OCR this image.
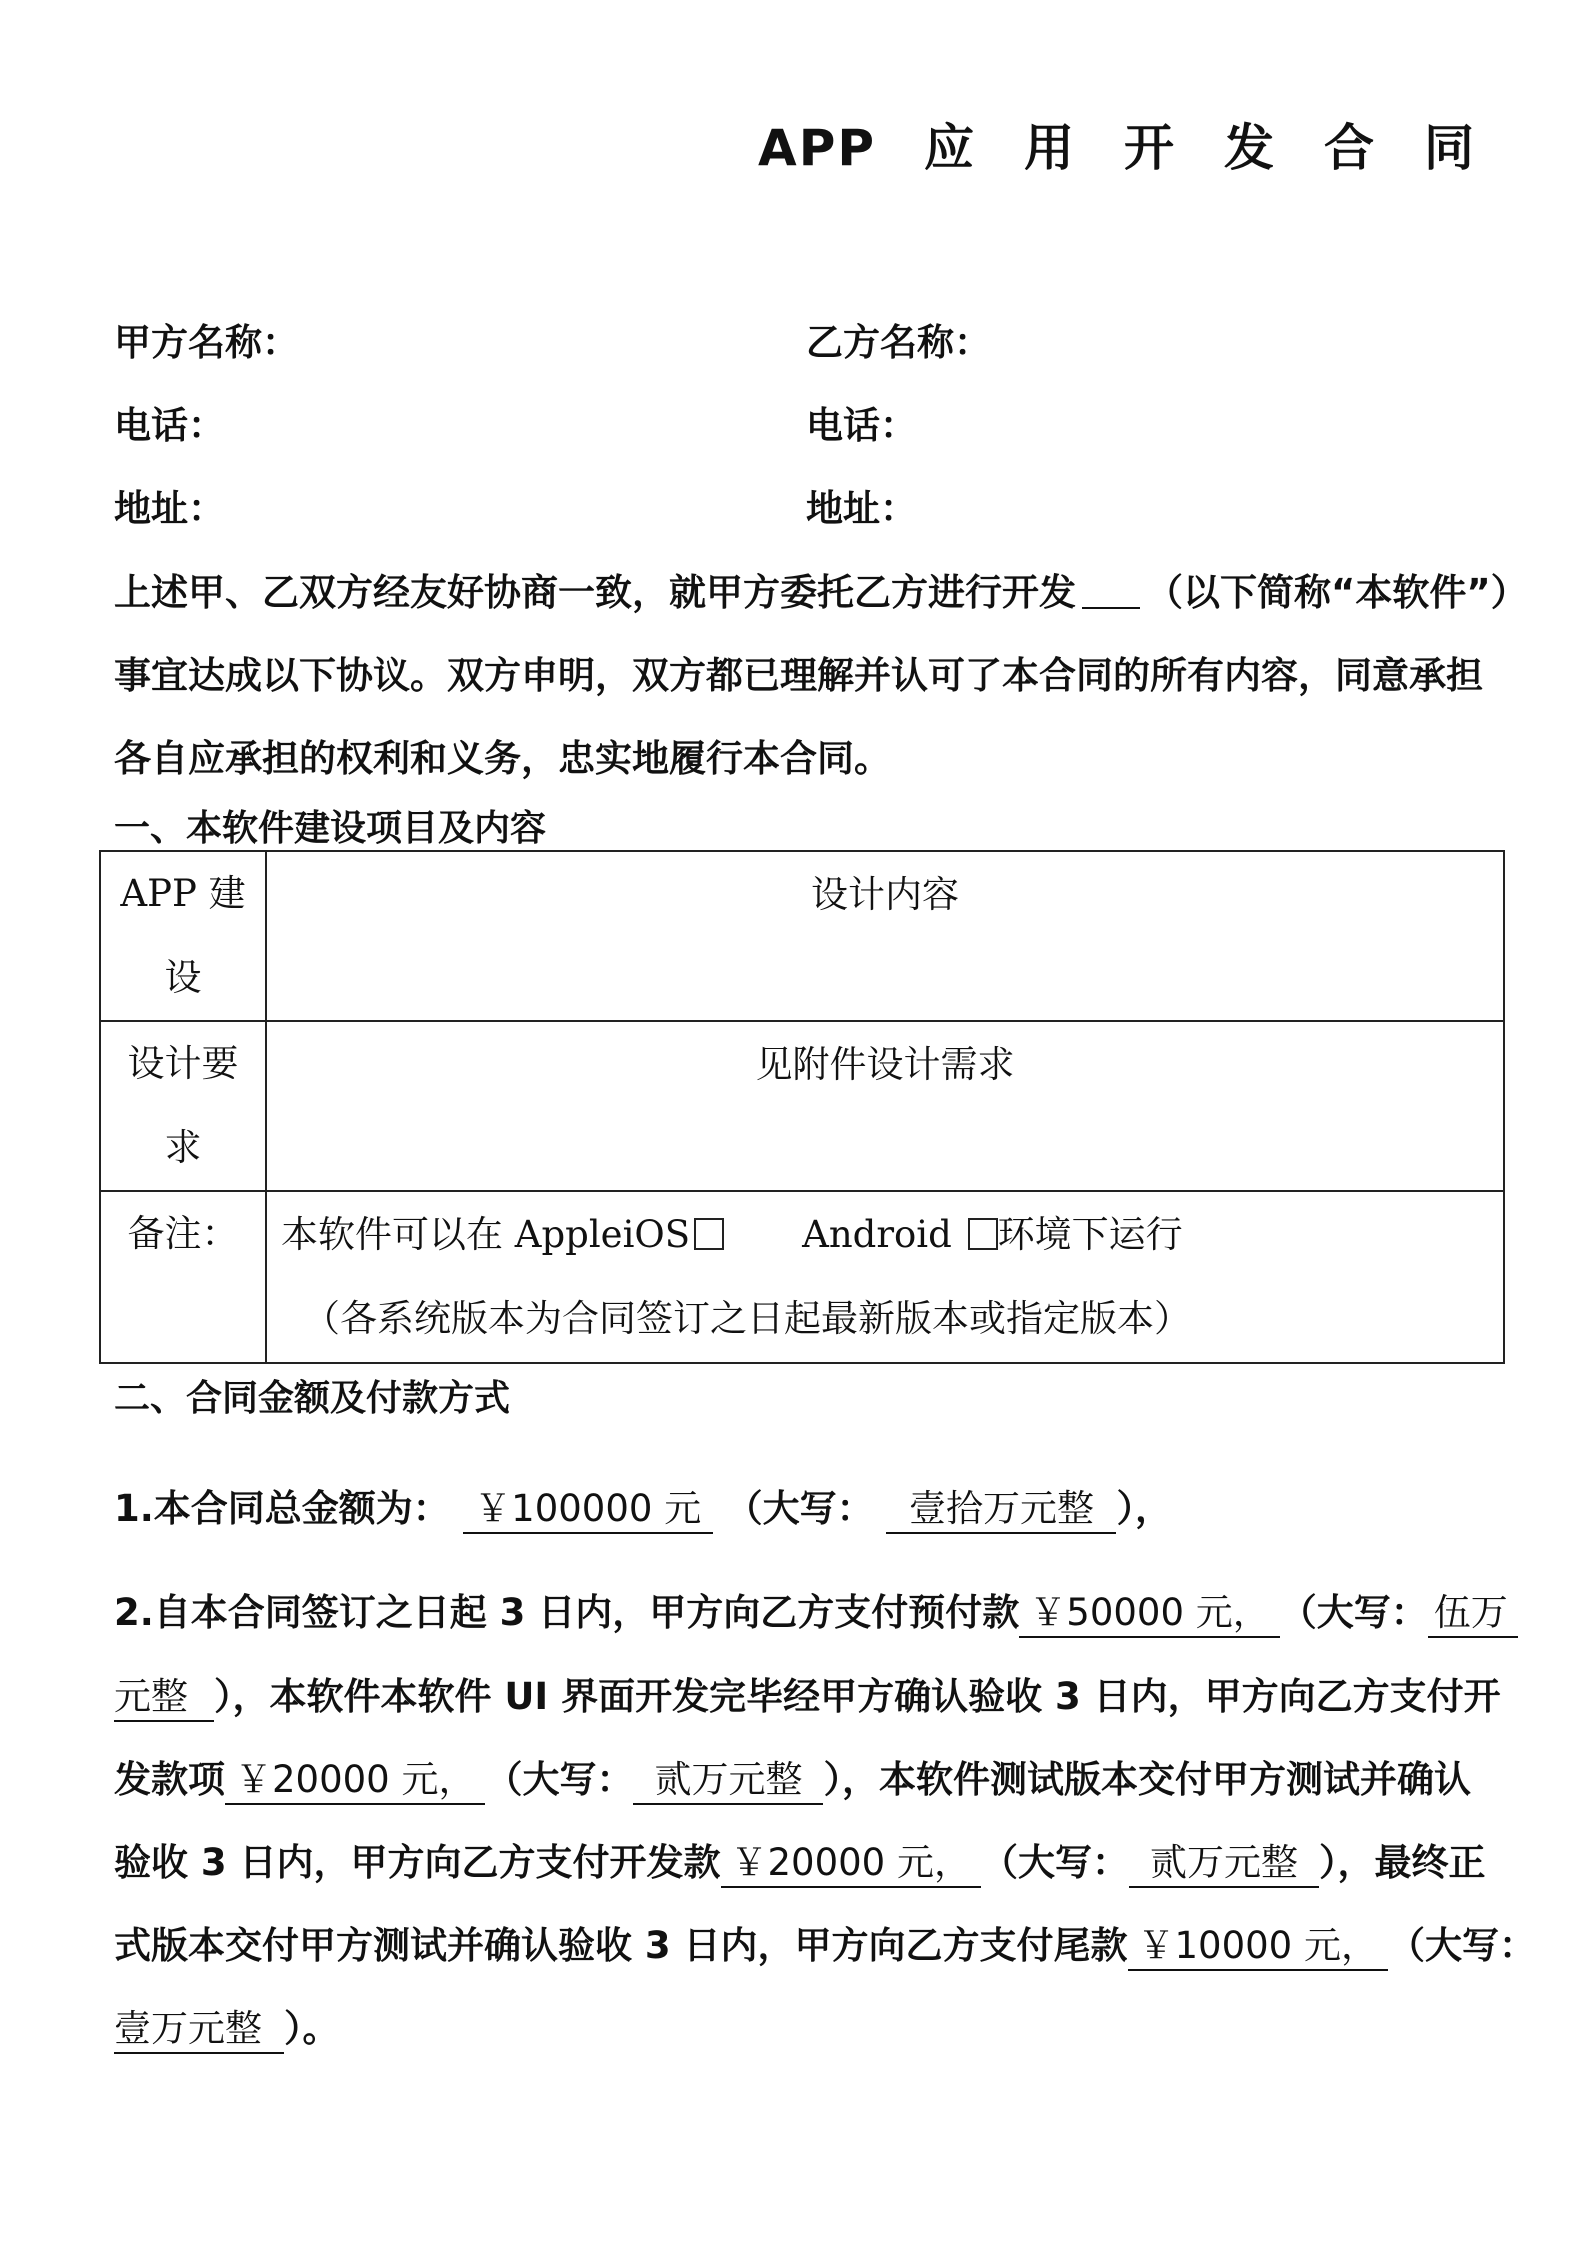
APP 应 用 开 发 合 同
甲方名称：	乙方名称：
电话：	电话：
地址：	地址：
上述甲、乙双方经友好协商一致，就甲方委托乙方进行开发 （以下简称“本软件”）
事宜达成以下协议。双方申明，双方都已理解并认可了本合同的所有内容，同意承担
各自应承担的权利和义务，忠实地履行本合同。
一、本软件建设项目及内容
APP 建
设	设计内容

设计要
求	见附件设计需求

备注：	本软件可以在 AppleiOS Android 环境下运行
（各系统版本为合同签订之日起最新版本或指定版本）
二、合同金额及付款方式
1.本合同总金额为： ￥100000 元 （大写： 壹拾万元整 ），
2.自本合同签订之日起 3 日内，甲方向乙方支付预付款 ￥50000 元， （大写： 伍万
元整 ），本软件本软件 UI 界面开发完毕经甲方确认验收 3 日内，甲方向乙方支付开
发款项 ￥20000 元， （大写： 贰万元整 ），本软件测试版本交付甲方测试并确认
验收 3 日内，甲方向乙方支付开发款 ￥20000 元， （大写： 贰万元整 ），最终正
式版本交付甲方测试并确认验收 3 日内，甲方向乙方支付尾款 ￥10000 元， （大写：
壹万元整 ）。
